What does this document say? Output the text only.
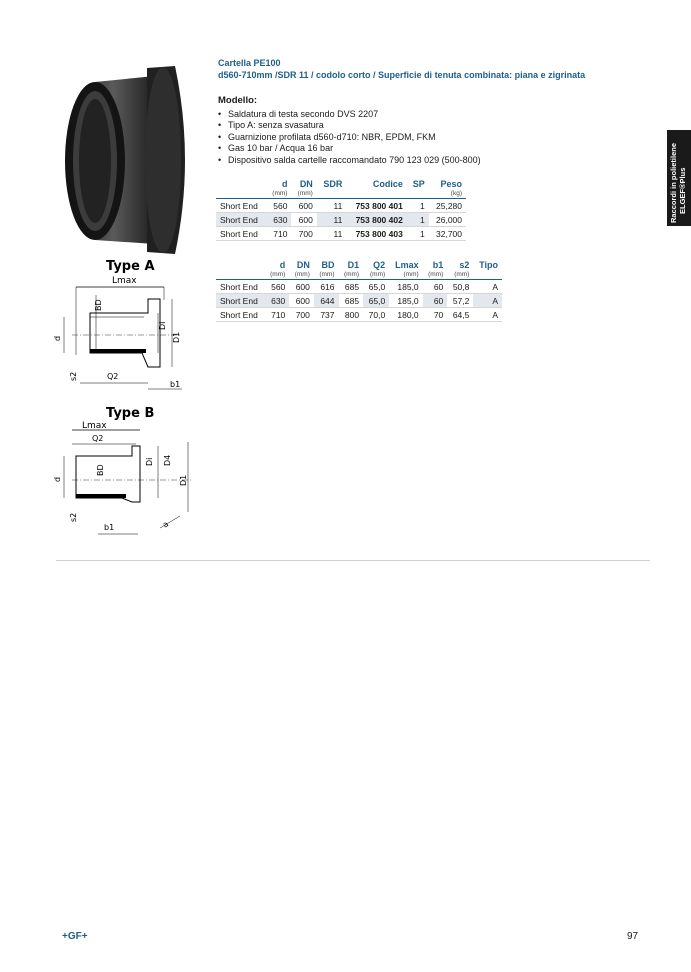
Cartella PE100
d560-710mm /SDR 11 / codolo corto / Superficie di tenuta combinata: piana e zigrinata
Modello:
• Saldatura di testa secondo DVS 2207
• Tipo A: senza svasatura
• Guarnizione profilata d560-d710: NBR, EPDM, FKM
• Gas 10 bar / Acqua 16 bar
• Dispositivo salda cartelle raccomandato 790 123 029 (500-800)
	d	DN	SDR	Codice	SP	Peso
	(mm)	(mm)				(kg)
Short End	560	600	11	753 800 401	1	25,280
Short End	630	600	11	753 800 402	1	26,000
Short End	710	700	11	753 800 403	1	32,700
	d	DN	BD	D1	Q2	Lmax	b1	s2	Tipo
	(mm)	(mm)	(mm)	(mm)	(mm)	(mm)	(mm)	(mm)	
Short End	560	600	616	685	65,0	185,0	60	50,8	A
Short End	630	600	644	685	65,0	185,0	60	57,2	A
Short End	710	700	737	800	70,0	180,0	70	64,5	A
Type A
Lmax
BD
Di
D1
d
s2	Q2
b1
Type B
Lmax
Q2
BD
Di D4
D1
d
s2
b1	a
Raccordi in polietilene ELGEF®Plus
+GF+	97
